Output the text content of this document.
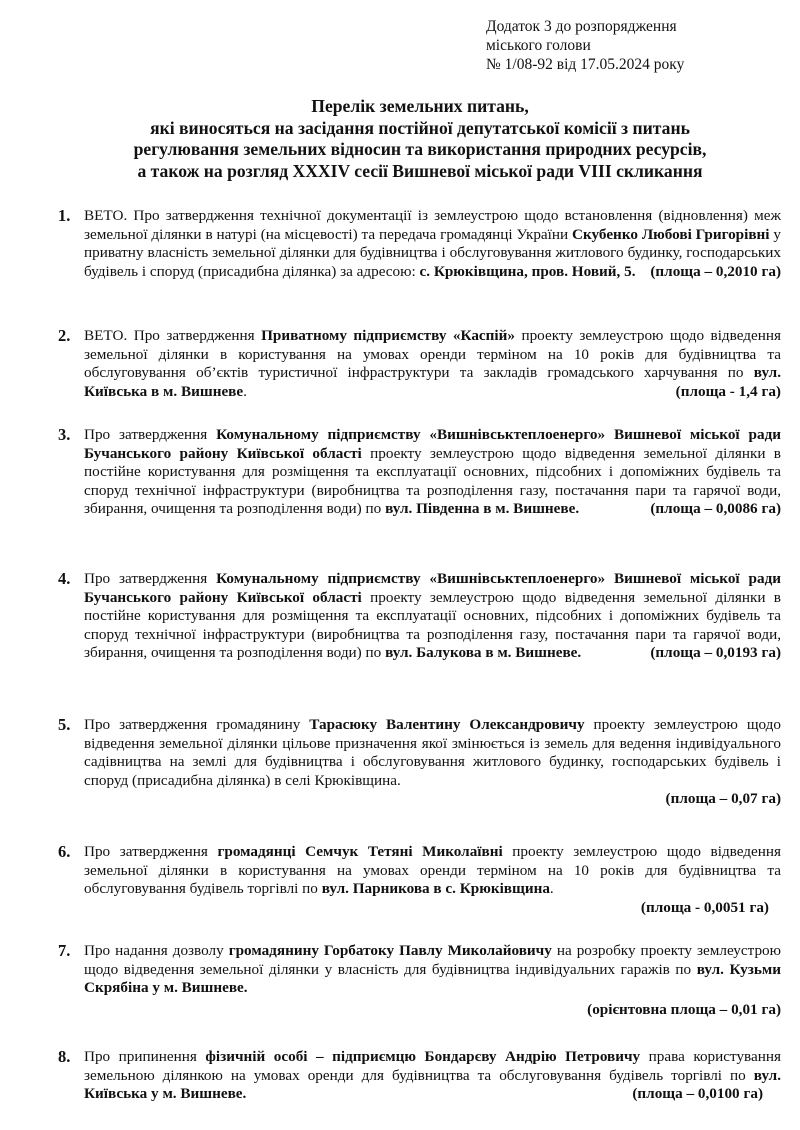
Додаток 3 до розпорядження
міського голови
№ 1/08-92 від 17.05.2024 року
Перелік земельних питань,
які виносяться на засідання постійної депутатської комісії з питань
регулювання земельних відносин та використання природних ресурсів,
а також на розгляд XXXIV сесії Вишневої міської ради VIII скликання
1. ВЕТО. Про затвердження технічної документації із землеустрою щодо встановлення (відновлення) меж земельної ділянки в натурі (на місцевості) та передача громадянці України Скубенко Любові Григорівні у приватну власність земельної ділянки для будівництва і обслуговування житлового будинку, господарських будівель і споруд (присадибна ділянка) за адресою: с. Крюківщина, пров. Новий, 5. (площа – 0,2010 га)
2. ВЕТО. Про затвердження Приватному підприємству «Каспій» проекту землеустрою щодо відведення земельної ділянки в користування на умовах оренди терміном на 10 років для будівництва та обслуговування об’єктів туристичної інфраструктури та закладів громадського харчування по вул. Київська в м. Вишневе.	(площа - 1,4 га)
3. Про затвердження Комунальному підприємству «Вишнівськтеплоенерго» Вишневої міської ради Бучанського району Київської області проекту землеустрою щодо відведення земельної ділянки в постійне користування для розміщення та експлуатації основних, підсобних і допоміжних будівель та споруд технічної інфраструктури (виробництва та розподілення газу, постачання пари та гарячої води, збирання, очищення та розподілення води) по вул. Південна в м. Вишневе.	(площа – 0,0086 га)
4. Про затвердження Комунальному підприємству «Вишнівськтеплоенерго» Вишневої міської ради Бучанського району Київської області проекту землеустрою щодо відведення земельної ділянки в постійне користування для розміщення та експлуатації основних, підсобних і допоміжних будівель та споруд технічної інфраструктури (виробництва та розподілення газу, постачання пари та гарячої води, збирання, очищення та розподілення води) по вул. Балукова в м. Вишневе.	(площа – 0,0193 га)
5. Про затвердження громадянину Тарасюку Валентину Олександровичу проекту землеустрою щодо відведення земельної ділянки цільове призначення якої змінюється із земель для ведення індивідуального садівництва на землі для будівництва і обслуговування житлового будинку, господарських будівель і споруд (присадибна ділянка) в селі Крюківщина.
(площа – 0,07 га)
6. Про затвердження громадянці Семчук Тетяні Миколаївні проекту землеустрою щодо відведення земельної ділянки в користування на умовах оренди терміном на 10 років для будівництва та обслуговування будівель торгівлі по вул. Парникова в с. Крюківщина.
(площа - 0,0051 га)
7. Про надання дозволу громадянину Горбатоку Павлу Миколайовичу на розробку проекту землеустрою щодо відведення земельної ділянки у власність для будівництва індивідуальних гаражів по вул. Кузьми Скрябіна у м. Вишневе.
(орієнтовна площа – 0,01 га)
8. Про припинення фізичній особі – підприємцю Бондарєву Андрію Петровичу права користування земельною ділянкою на умовах оренди для будівництва та обслуговування будівель торгівлі по вул. Київська у м. Вишневе.	(площа – 0,0100 га)
